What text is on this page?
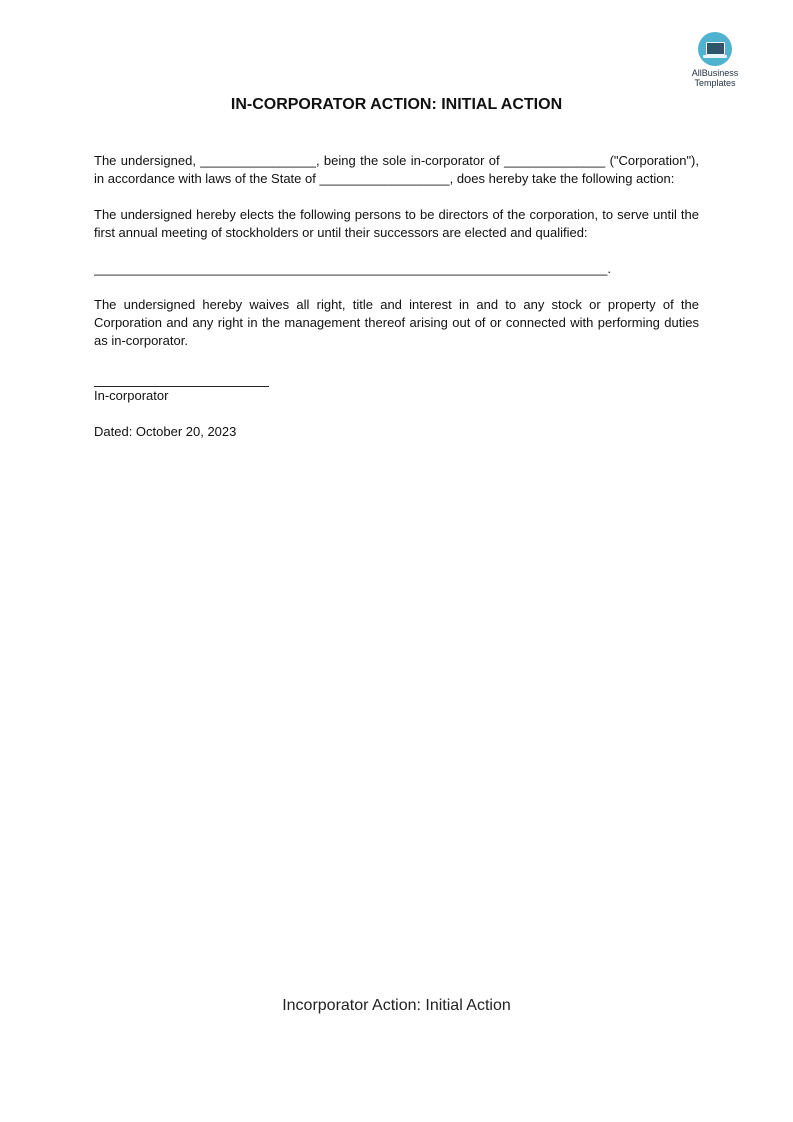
AllBusiness
Templates
IN-CORPORATOR ACTION: INITIAL ACTION

The undersigned, ________________, being the sole in-corporator of ______________ ("Corporation"), in accordance with laws of the State of __________________, does hereby take the following action:

The undersigned hereby elects the following persons to be directors of the corporation, to serve until the first annual meeting of stockholders or until their successors are elected and qualified:

_______________________________________________________________________.

The undersigned hereby waives all right, title and interest in and to any stock or property of the Corporation and any right in the management thereof arising out of or connected with performing duties as in-corporator.

In-corporator
Dated: October 20, 2023
Incorporator Action: Initial Action
